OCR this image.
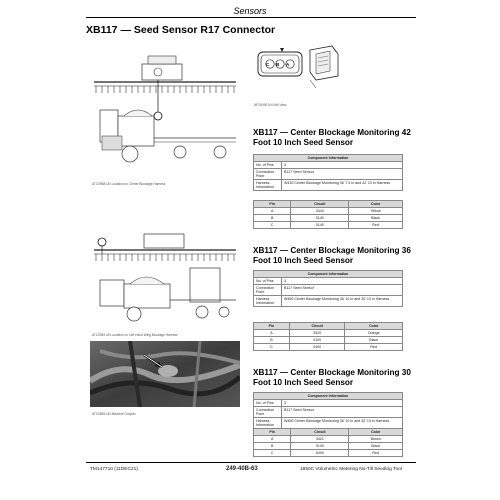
Sensors
XB117 — Seed Sensor R17 Connector
C B A
NF20090 UN Mid View
ATC0968 UN Location on Center Blockage Harness
ATC0062 UN Location on Left Hand Wing Blockage Harness
ATC0855 UN Machine Graphic
XB117 — Center Blockage Monitoring 42 Foot 10 Inch Seed Sensor
Component Information	
No. of Pins	3
Connection Point	B117 Seed Sensor
Harness Information	W430 Center Blockage Monitoring 36' 7.5 in and 42' 10 in Harness
Pin	Circuit	Color
A	3444	Yellow
B	0140	Black
C	0140	Red
XB117 — Center Blockage Monitoring 36 Foot 10 Inch Seed Sensor
Component Information	
No. of Pins	3
Connection Point	B117 Seed Sensor
Harness Information	W450 Center Blockage Monitoring 36' 10 in and 30' 10 in Harness
Pin	Circuit	Color
A	3420	Orange
B	0100	Black
C	0400	Red
XB117 — Center Blockage Monitoring 30 Foot 10 Inch Seed Sensor
Component Information	
No. of Pins	3
Connection Point	B117 Seed Sensor
Harness Information	W450 Center Blockage Monitoring 36' 10 in and 30' 10 in Harness
Pin	Circuit	Color
A	3421	Brown
B	0100	Black
C	0400	Red
TM147710 (11DEC21)	249-40B-63	1850C Volumetric Metering No-Till Seeding Tool
